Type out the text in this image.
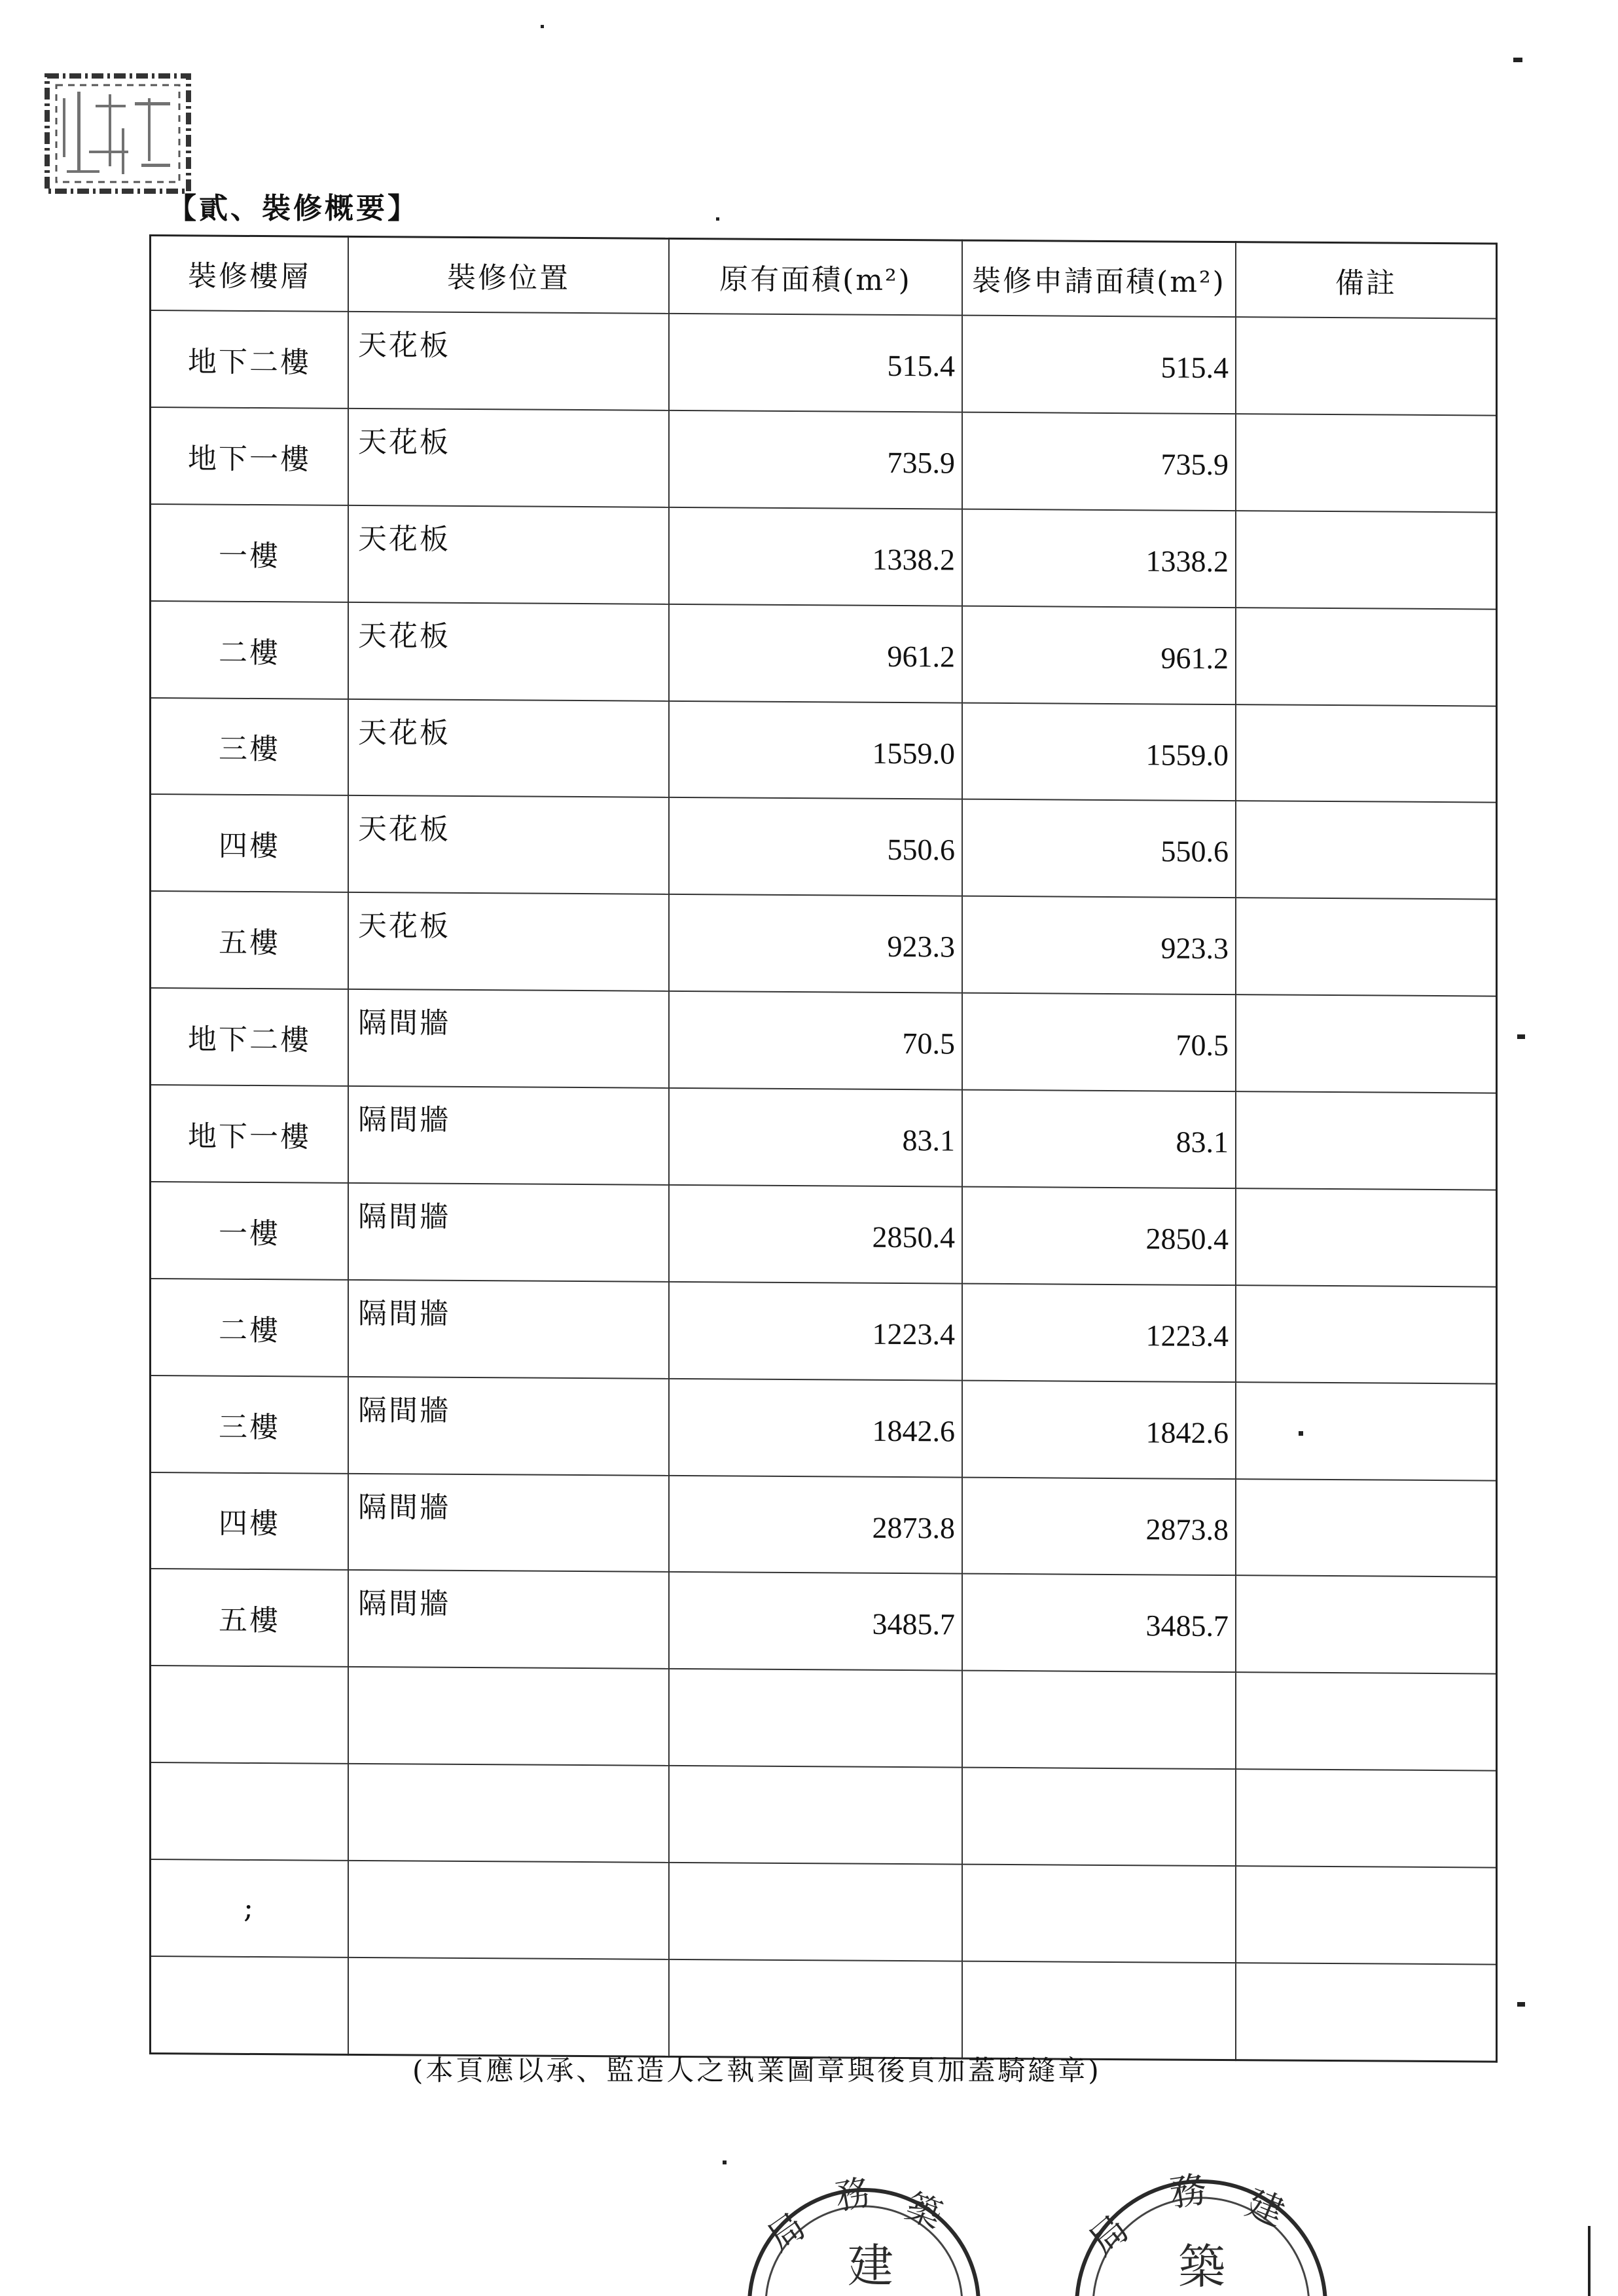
【貳、裝修概要】
裝修樓層	裝修位置	原有面積(m²)	裝修申請面積(m²)	備註
地下二樓	天花板	515.4	515.4	

地下一樓	天花板	735.9	735.9	

一樓	天花板	1338.2	1338.2	

二樓	天花板	961.2	961.2	

三樓	天花板	1559.0	1559.0	

四樓	天花板	550.6	550.6	

五樓	天花板	923.3	923.3	

地下二樓	隔間牆	70.5	70.5	

地下一樓	隔間牆	83.1	83.1	

一樓	隔間牆	2850.4	2850.4	

二樓	隔間牆	1223.4	1223.4	

三樓	隔間牆	1842.6	1842.6	

四樓	隔間牆	2873.8	2873.8	

五樓	隔間牆	3485.7	3485.7	

;	

(本頁應以承、監造人之執業圖章與後頁加蓋騎縫章)
局
務 築
建
局
務 建
築
